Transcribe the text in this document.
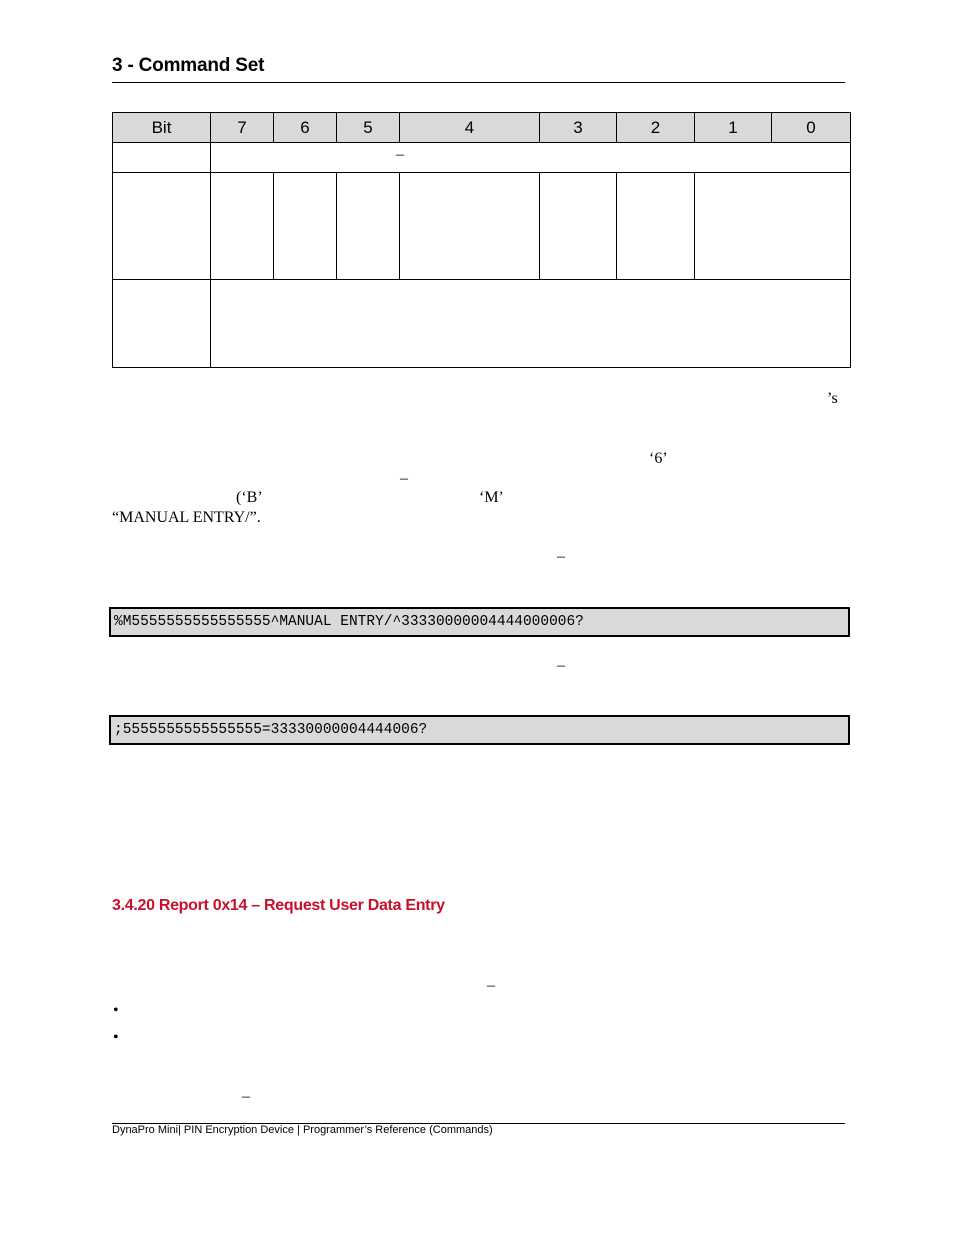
3 - Command Set
Bit	7	6	5	4	3	2	1	0

	–							

’s
‘6’
–
(‘B’	‘M’
“MANUAL ENTRY/”.
–
%M5555555555555555^MANUAL ENTRY/^33330000004444000006?
–
;5555555555555555=33330000004444006?
3.4.20 Report 0x14 – Request User Data Entry
–
•
•
–
DynaPro Mini| PIN Encryption Device | Programmer’s Reference (Commands)
